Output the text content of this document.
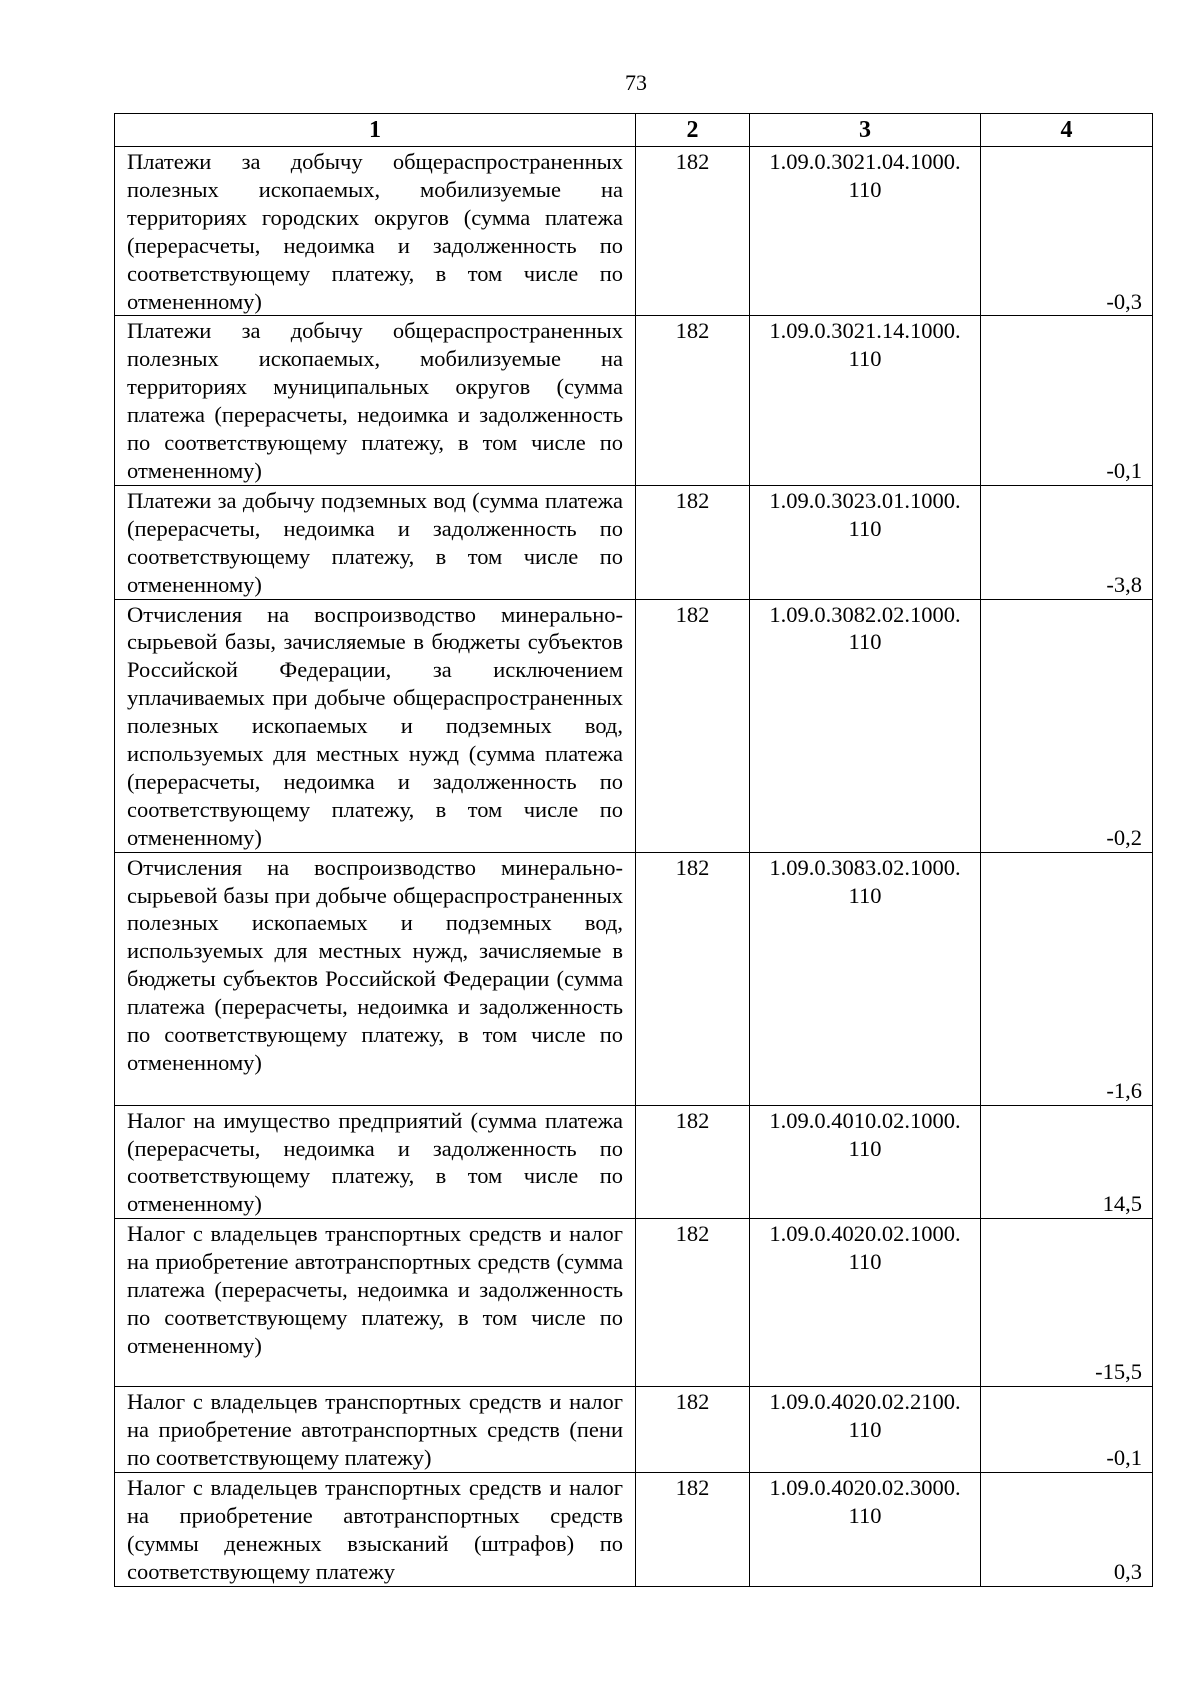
73
1	2	3	4
Платежи за добычу общераспространенных полезных ископаемых, мобилизуемые на территориях городских округов (сумма платежа (перерасчеты, недоимка и задолженность по соответствующему платежу, в том числе по отмененному)	182	1.09.0.3021.04.1000.
110	-0,3
Платежи за добычу общераспространенных полезных ископаемых, мобилизуемые на территориях муниципальных округов (сумма платежа (перерасчеты, недоимка и задолженность по соответствующему платежу, в том числе по отмененному)	182	1.09.0.3021.14.1000.
110	-0,1
Платежи за добычу подземных вод (сумма платежа (перерасчеты, недоимка и задолженность по соответствующему платежу, в том числе по отмененному)	182	1.09.0.3023.01.1000.
110	-3,8
Отчисления на воспроизводство минерально-сырьевой базы, зачисляемые в бюджеты субъектов Российской Федерации, за исключением уплачиваемых при добыче общераспространенных полезных ископаемых и подземных вод, используемых для местных нужд (сумма платежа (перерасчеты, недоимка и задолженность по соответствующему платежу, в том числе по отмененному)	182	1.09.0.3082.02.1000.
110	-0,2
Отчисления на воспроизводство минерально-сырьевой базы при добыче общераспространенных полезных ископаемых и подземных вод, используемых для местных нужд, зачисляемые в бюджеты субъектов Российской Федерации (сумма платежа (перерасчеты, недоимка и задолженность по соответствующему платежу, в том числе по отмененному)	182	1.09.0.3083.02.1000.
110	-1,6
Налог на имущество предприятий (сумма платежа (перерасчеты, недоимка и задолженность по соответствующему платежу, в том числе по отмененному)	182	1.09.0.4010.02.1000.
110	14,5
Налог с владельцев транспортных средств и налог на приобретение автотранспортных средств (сумма платежа (перерасчеты, недоимка и задолженность по соответствующему платежу, в том числе по отмененному)	182	1.09.0.4020.02.1000.
110	-15,5
Налог с владельцев транспортных средств и налог на приобретение автотранспортных средств (пени по соответствующему платежу)	182	1.09.0.4020.02.2100.
110	-0,1
Налог с владельцев транспортных средств и налог на приобретение автотранспортных средств (суммы денежных взысканий (штрафов) по соответствующему платежу	182	1.09.0.4020.02.3000.
110	0,3
